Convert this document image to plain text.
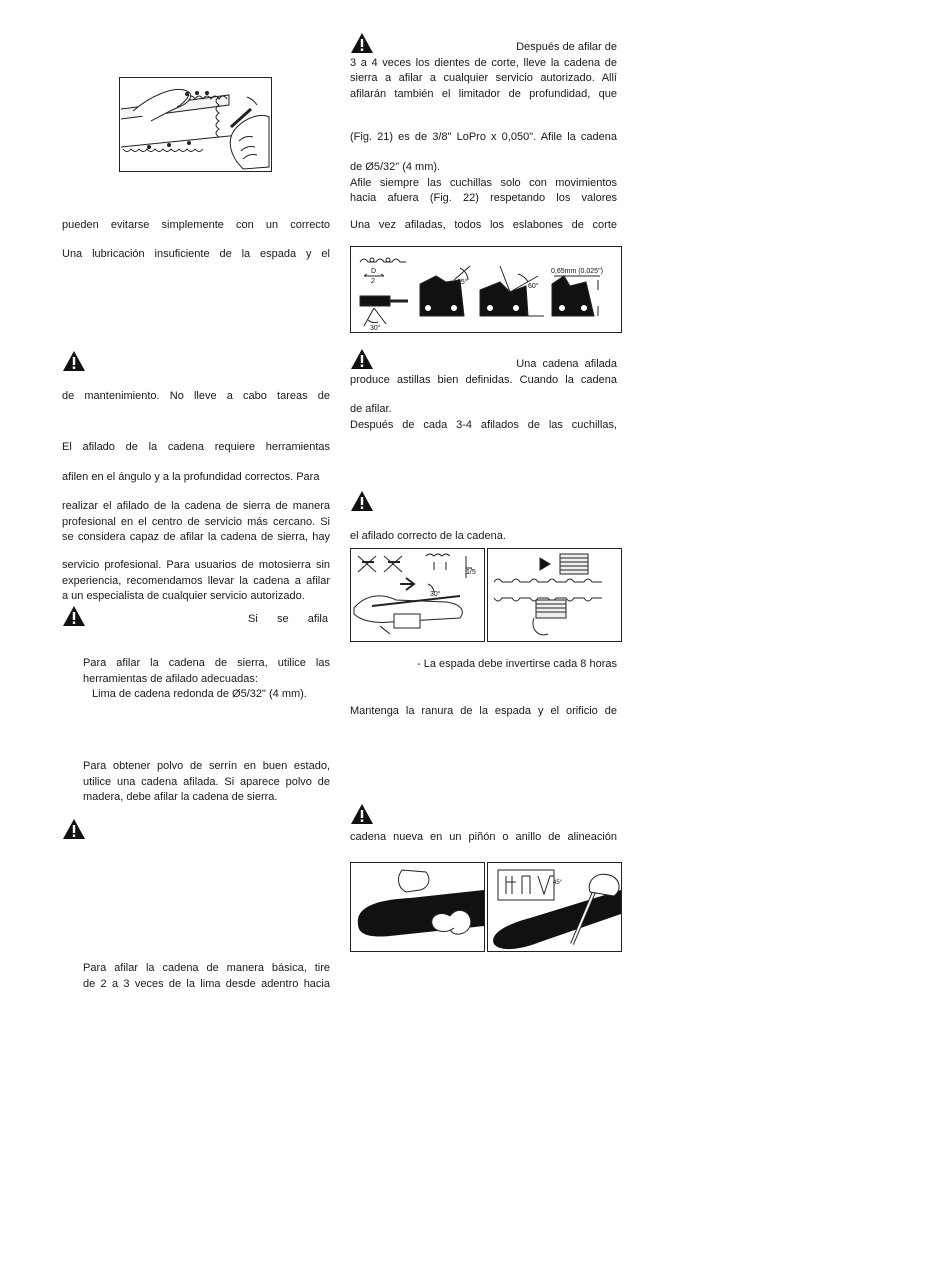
pueden evitarse simplemente con un correcto
Una lubricación insuficiente de la espada y el
de mantenimiento. No lleve a cabo tareas de
El afilado de la cadena requiere herramientas
afilen en el ángulo y a la profundidad correctos. Para
realizar el afilado de la cadena de sierra de manera
profesional en el centro de servicio más cercano. Si
se considera capaz de afilar la cadena de sierra, hay
servicio profesional. Para usuarios de motosierra sin
experiencia, recomendamos llevar la cadena a afilar
a un especialista de cualquier servicio autorizado.
Si se afila
Para afilar la cadena de sierra, utilice las
herramientas de afilado adecuadas:
Lima de cadena redonda de Ø5/32" (4 mm).
Para obtener polvo de serrín en buen estado,
utilice una cadena afilada. Si aparece polvo de
madera, debe afilar la cadena de sierra.
Para afilar la cadena de manera básica, tire
de 2 a 3 veces de la lima desde adentro hacia
Después de afilar de
3 a 4 veces los dientes de corte, lleve la cadena de
sierra a afilar a cualquier servicio autorizado. Allí
afilarán también el limitador de profundidad, que
(Fig. 21) es de 3/8" LoPro x 0,050". Afile la cadena
de Ø5/32" (4 mm).
Afile siempre las cuchillas solo con movimientos
hacia afuera (Fig. 22) respetando los valores
Una vez afiladas, todos los eslabones de corte
D
2
30°
85°
60°
0,65mm (0.025")
Una cadena afilada
produce astillas bien definidas. Cuando la cadena
de afilar.
Después de cada 3-4 afilados de las cuchillas,
el afilado correcto de la cadena.
1/5
30°
- La espada debe invertirse cada 8 horas
Mantenga la ranura de la espada y el orificio de
cadena nueva en un piñón o anillo de alineación
45°
